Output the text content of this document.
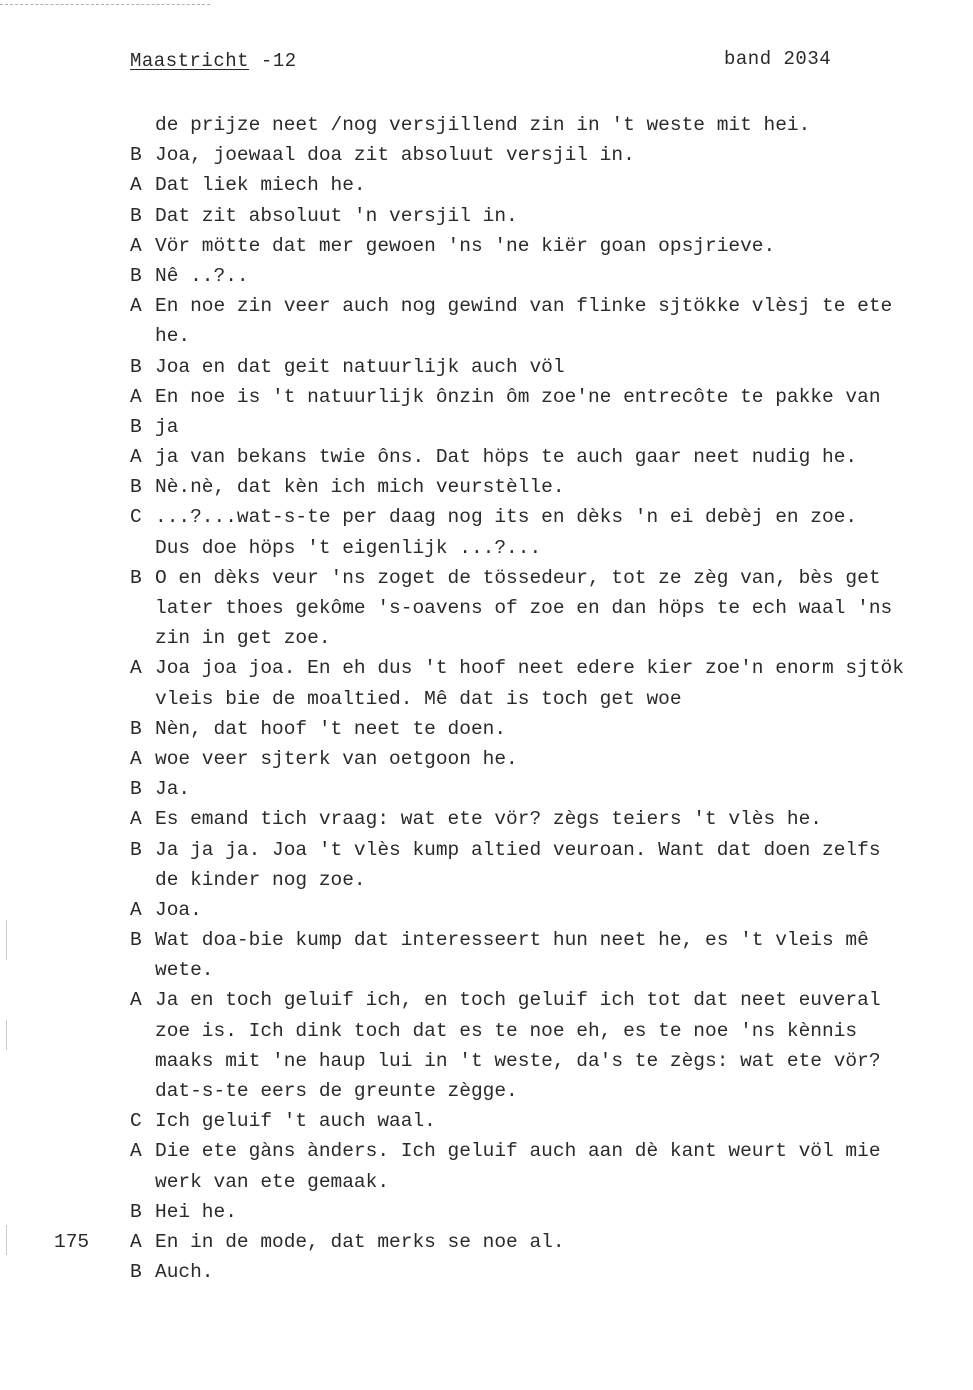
Maastricht -12	band 2034
de prijze neet /nog versjillend zin in 't weste mit hei.
B Joa, joewaal doa zit absoluut versjil in.
A Dat liek miech he.
B Dat zit absoluut 'n versjil in.
A Vör mötte dat mer gewoen 'ns 'ne kiër goan opsjrieve.
B Nê ..?..
A En noe zin veer auch nog gewind van flinke sjtökke vlèsj te ete
he.
B Joa en dat geit natuurlijk auch völ
A En noe is 't natuurlijk ônzin ôm zoe'ne entrecôte te pakke van
B ja
A ja van bekans twie ôns. Dat höps te auch gaar neet nudig he.
B Nè.nè, dat kèn ich mich veurstèlle.
C ...?...wat-s-te per daag nog its en dèks 'n ei debèj en zoe.
Dus doe höps 't eigenlijk ...?...
B O en dèks veur 'ns zoget de tössedeur, tot ze zèg van, bès get
later thoes gekôme 's-oavens of zoe en dan höps te ech waal 'ns
zin in get zoe.
A Joa joa joa. En eh dus 't hoof neet edere kier zoe'n enorm sjtök
vleis bie de moaltied. Mê dat is toch get woe
B Nèn, dat hoof 't neet te doen.
A woe veer sjterk van oetgoon he.
B Ja.
A Es emand tich vraag: wat ete vör? zègs teiers 't vlès he.
B Ja ja ja. Joa 't vlès kump altied veuroan. Want dat doen zelfs
de kinder nog zoe.
A Joa.
B Wat doa-bie kump dat interesseert hun neet he, es 't vleis mê
wete.
A Ja en toch geluif ich, en toch geluif ich tot dat neet euveral
zoe is. Ich dink toch dat es te noe eh, es te noe 'ns kènnis
maaks mit 'ne haup lui in 't weste, da's te zègs: wat ete vör?
dat-s-te eers de greunte zègge.
C Ich geluif 't auch waal.
A Die ete gàns ànders. Ich geluif auch aan dè kant weurt völ mie
werk van ete gemaak.
B Hei he.
175 A En in de mode, dat merks se noe al.
B Auch.
